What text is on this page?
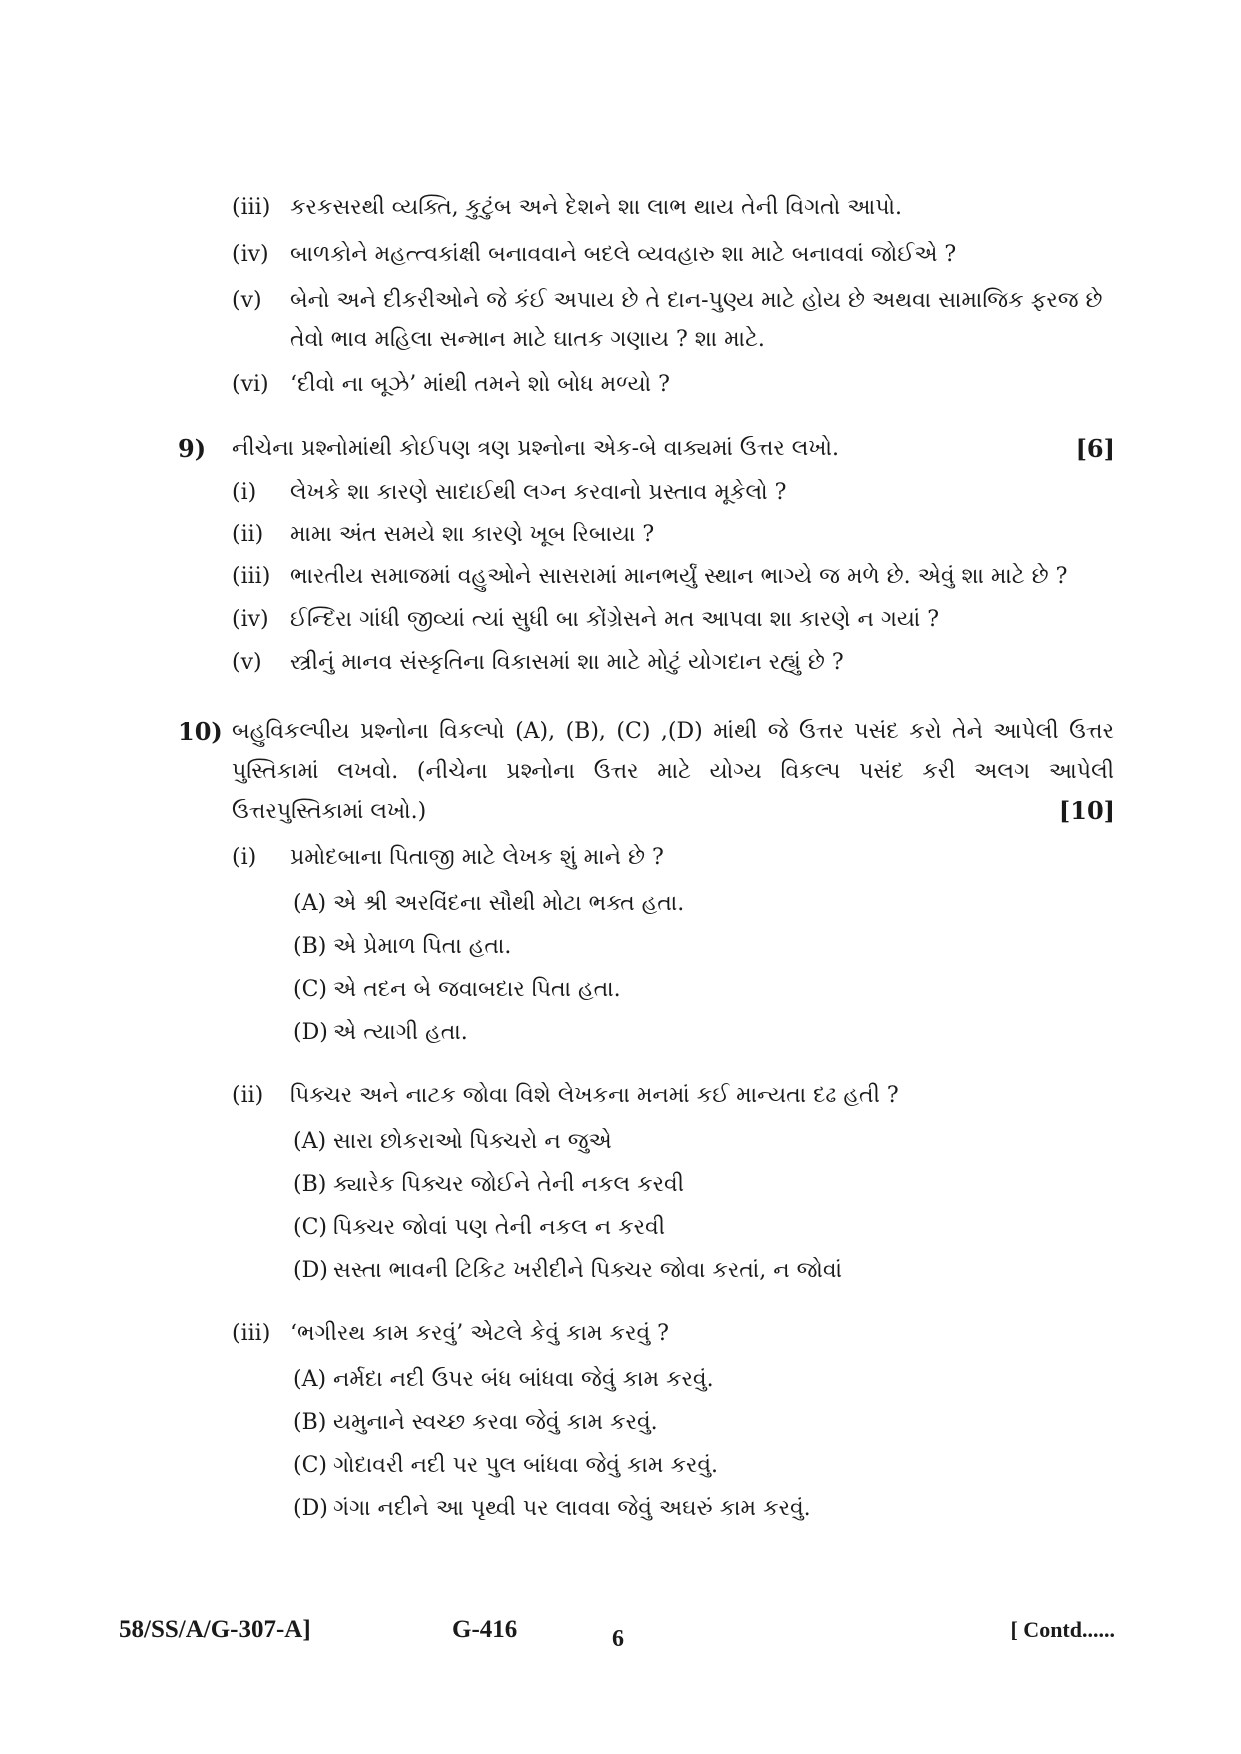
(iii) કરકસરથી વ્યક્તિ, કુટુંબ અને દેશને શા લાભ થાય તેની વિગતો આપો.
(iv) બાળકોને મહત્ત્વકાંક્ષી બનાવવાને બદલે વ્યવહારુ શા માટે બનાવવાં જોઈએ ?
(v) બેનો અને દીકરીઓને જે કંઈ અપાય છે તે દાન-પુણ્ય માટે હોય છે અથવા સામાજિક ફરજ છે
તેવો ભાવ મહિલા સન્માન માટે ઘાતક ગણાય ? શા માટે.
(vi) ‘દીવો ના બૂઝે’ માંથી તમને શો બોધ મળ્યો ?
9) નીચેના પ્રશ્નોમાંથી કોઈપણ ત્રણ પ્રશ્નોના એક-બે વાક્યમાં ઉત્તર લખો.	[6]
(i) લેખકે શા કારણે સાદાઈથી લગ્ન કરવાનો પ્રસ્તાવ મૂકેલો ?
(ii) મામા અંત સમયે શા કારણે ખૂબ રિબાયા ?
(iii) ભારતીય સમાજમાં વહુઓને સાસરામાં માનભર્યું સ્થાન ભાગ્યે જ મળે છે. એવું શા માટે છે ?
(iv) ઈન્દિરા ગાંધી જીવ્યાં ત્યાં સુધી બા કોંગ્રેસને મત આપવા શા કારણે ન ગયાં ?
(v) સ્ત્રીનું માનવ સંસ્કૃતિના વિકાસમાં શા માટે મોટું યોગદાન રહ્યું છે ?
10) બહુવિકલ્પીય પ્રશ્નોના વિકલ્પો (A), (B), (C) ,(D) માંથી જે ઉત્તર પસંદ કરો તેને આપેલી ઉત્તર પુસ્તિકામાં લખવો. (નીચેના પ્રશ્નોના ઉત્તર માટે યોગ્ય વિકલ્પ પસંદ કરી અલગ આપેલી ઉત્તરપુસ્તિકામાં લખો.)	[10]
(i) પ્રમોદબાના પિતાજી માટે લેખક શું માને છે ?
(A) એ શ્રી અરવિંદના સૌથી મોટા ભક્ત હતા.
(B) એ પ્રેમાળ પિતા હતા.
(C) એ તદન બે જવાબદાર પિતા હતા.
(D) એ ત્યાગી હતા.
(ii) પિક્ચર અને નાટક જોવા વિશે લેખકના મનમાં કઈ માન્યતા દઢ હતી ?
(A) સારા છોકરાઓ પિક્ચરો ન જુએ
(B) ક્યારેક પિક્ચર જોઈને તેની નકલ કરવી
(C) પિક્ચર જોવાં પણ તેની નકલ ન કરવી
(D) સસ્તા ભાવની ટિકિટ ખરીદીને પિક્ચર જોવા કરતાં, ન જોવાં
(iii) ‘ભગીરથ કામ કરવું’ એટલે કેવું કામ કરવું ?
(A) નર્મદા નદી ઉપર બંધ બાંધવા જેવું કામ કરવું.
(B) યમુનાને સ્વચ્છ કરવા જેવું કામ કરવું.
(C) ગોદાવરી નદી પર પુલ બાંધવા જેવું કામ કરવું.
(D) ગંગા નદીને આ પૃથ્વી પર લાવવા જેવું અઘરું કામ કરવું.
58/SS/A/G-307-A]	G-416	6	[ Contd......
